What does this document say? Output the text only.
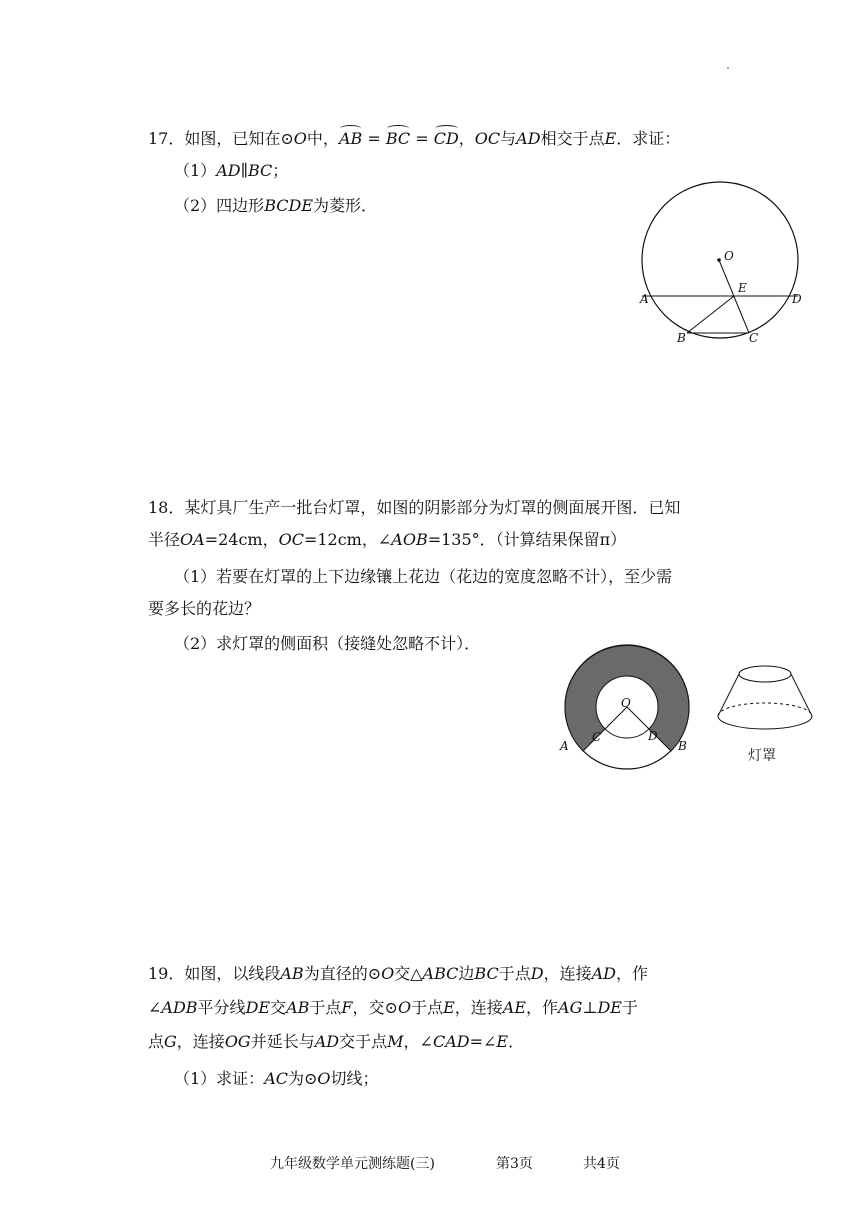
17．如图，已知在⊙O中，AB = BC = CD，OC与AD相交于点E．求证：
（1）AD∥BC；
（2）四边形BCDE为菱形．
O
A
E
D
B	C
18．某灯具厂生产一批台灯罩，如图的阴影部分为灯罩的侧面展开图．已知
半径OA=24cm，OC=12cm，∠AOB=135°．（计算结果保留π）
（1）若要在灯罩的上下边缘镶上花边（花边的宽度忽略不计），至少需
要多长的花边？
（2）求灯罩的侧面积（接缝处忽略不计）．
O
A
C	D
B
灯罩
19．如图，以线段AB为直径的⊙O交△ABC边BC于点D，连接AD，作
∠ADB平分线DE交AB于点F，交⊙O于点E，连接AE，作AG⊥DE于
点G，连接OG并延长与AD交于点M，∠CAD=∠E．
（1）求证：AC为⊙O切线；
九年级数学单元测练题(三)	第3页	共4页
